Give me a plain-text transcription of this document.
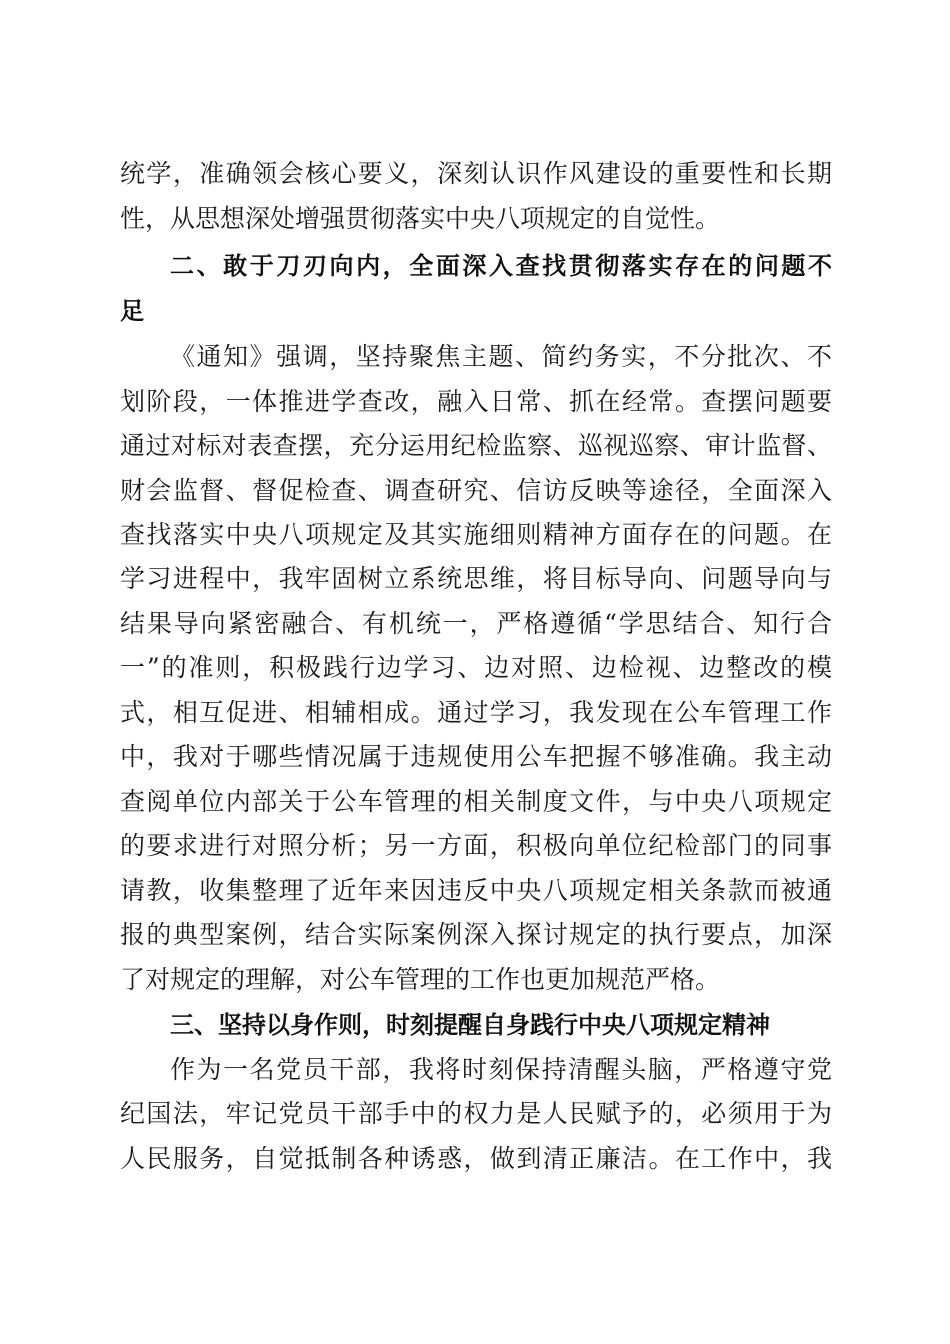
统学，准确领会核心要义，深刻认识作风建设的重要性和长期
性，从思想深处增强贯彻落实中央八项规定的自觉性。
二、敢于刀刃向内，全面深入查找贯彻落实存在的问题不
足
《通知》强调，坚持聚焦主题、简约务实，不分批次、不
划阶段，一体推进学查改，融入日常、抓在经常。查摆问题要
通过对标对表查摆，充分运用纪检监察、巡视巡察、审计监督、
财会监督、督促检查、调查研究、信访反映等途径，全面深入
查找落实中央八项规定及其实施细则精神方面存在的问题。在
学习进程中，我牢固树立系统思维，将目标导向、问题导向与
结果导向紧密融合、有机统一，严格遵循“学思结合、知行合
一”的准则，积极践行边学习、边对照、边检视、边整改的模
式，相互促进、相辅相成。通过学习，我发现在公车管理工作
中，我对于哪些情况属于违规使用公车把握不够准确。我主动
查阅单位内部关于公车管理的相关制度文件，与中央八项规定
的要求进行对照分析；另一方面，积极向单位纪检部门的同事
请教，收集整理了近年来因违反中央八项规定相关条款而被通
报的典型案例，结合实际案例深入探讨规定的执行要点，加深
了对规定的理解，对公车管理的工作也更加规范严格。
三、坚持以身作则，时刻提醒自身践行中央八项规定精神
作为一名党员干部，我将时刻保持清醒头脑，严格遵守党
纪国法，牢记党员干部手中的权力是人民赋予的，必须用于为
人民服务，自觉抵制各种诱惑，做到清正廉洁。在工作中，我
